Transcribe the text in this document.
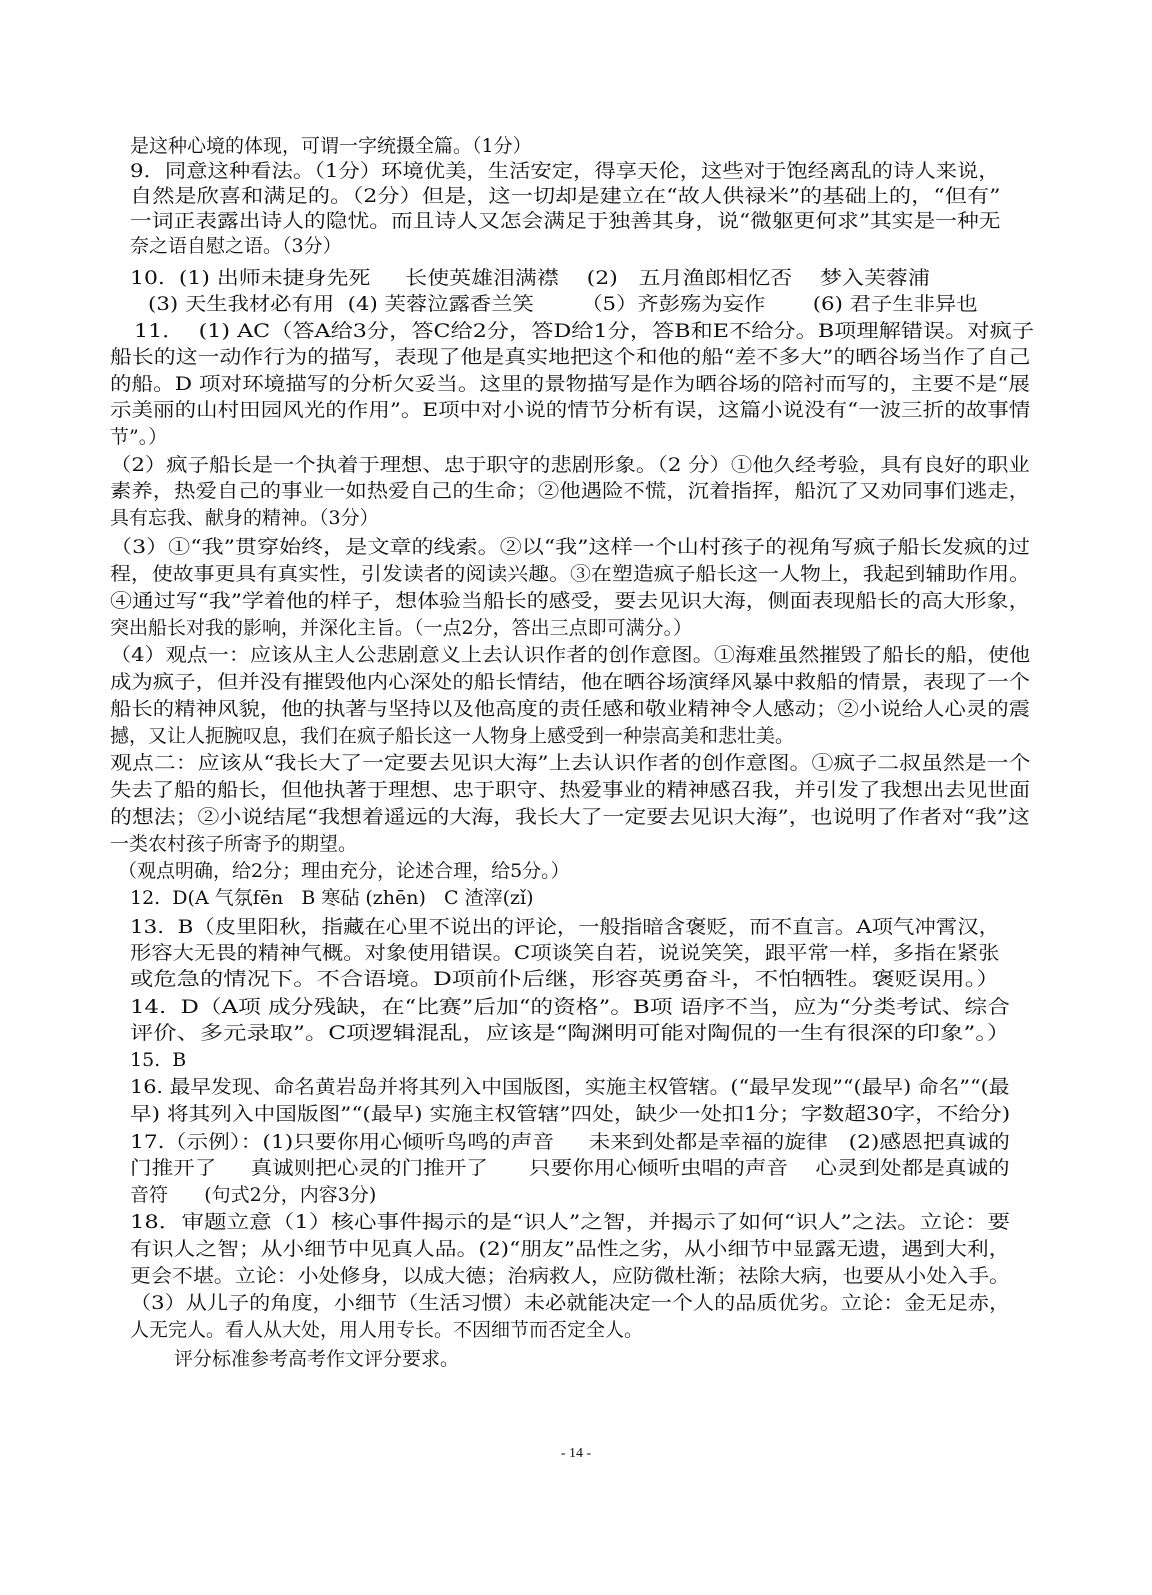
是这种心境的体现，可谓一字统摄全篇。（1分）
9．同意这种看法。（1分）环境优美，生活安定，得享天伦，这些对于饱经离乱的诗人来说，
自然是欣喜和满足的。（2分）但是，这一切却是建立在“故人供禄米”的基础上的，“但有”
一词正表露出诗人的隐忧。而且诗人又怎会满足于独善其身，说“微躯更何求”其实是一种无
奈之语自慰之语。（3分）
10.  (1) 出师未捷身先死     长使英雄泪满襟    (2)   五月渔郎相忆否    梦入芙蓉浦
(3) 天生我材必有用  (4) 芙蓉泣露香兰笑       （5）齐彭殇为妄作       (6) 君子生非异也
11．  (1) AC（答A给3分，答C给2分，答D给1分，答B和E不给分。B项理解错误。对疯子
船长的这一动作行为的描写，表现了他是真实地把这个和他的船“差不多大”的晒谷场当作了自己
的船。D 项对环境描写的分析欠妥当。这里的景物描写是作为晒谷场的陪衬而写的，主要不是“展
示美丽的山村田园风光的作用”。E项中对小说的情节分析有误，这篇小说没有“一波三折的故事情
节”。）
（2）疯子船长是一个执着于理想、忠于职守的悲剧形象。（2 分）①他久经考验，具有良好的职业
素养，热爱自己的事业一如热爱自己的生命；②他遇险不慌，沉着指挥，船沉了又劝同事们逃走，
具有忘我、献身的精神。（3分）
（3）①“我”贯穿始终，是文章的线索。②以“我”这样一个山村孩子的视角写疯子船长发疯的过
程，使故事更具有真实性，引发读者的阅读兴趣。③在塑造疯子船长这一人物上，我起到辅助作用。
④通过写“我”学着他的样子，想体验当船长的感受，要去见识大海，侧面表现船长的高大形象，
突出船长对我的影响，并深化主旨。（一点2分，答出三点即可满分。）
（4）观点一：应该从主人公悲剧意义上去认识作者的创作意图。①海难虽然摧毁了船长的船，使他
成为疯子，但并没有摧毁他内心深处的船长情结，他在晒谷场演绎风暴中救船的情景，表现了一个
船长的精神风貌，他的执著与坚持以及他高度的责任感和敬业精神令人感动；②小说给人心灵的震
撼，又让人扼腕叹息，我们在疯子船长这一人物身上感受到一种崇高美和悲壮美。
观点二：应该从“我长大了一定要去见识大海”上去认识作者的创作意图。①疯子二叔虽然是一个
失去了船的船长，但他执著于理想、忠于职守、热爱事业的精神感召我，并引发了我想出去见世面
的想法；②小说结尾“我想着遥远的大海，我长大了一定要去见识大海”，也说明了作者对“我”这
一类农村孩子所寄予的期望。
（观点明确，给2分；理由充分，论述合理，给5分。）
12.  D(A 气氛fēn   B 寒砧 (zhēn)   C 渣滓(zǐ)
13.  B（皮里阳秋，指藏在心里不说出的评论，一般指暗含褒贬，而不直言。A项气冲霄汉，
形容大无畏的精神气概。对象使用错误。C项谈笑自若，说说笑笑，跟平常一样，多指在紧张
或危急的情况下。不合语境。D项前仆后继，形容英勇奋斗，不怕牺牲。褒贬误用。）
14.  D（A项 成分残缺，在“比赛”后加“的资格”。B项 语序不当，应为“分类考试、综合
评价、多元录取”。C项逻辑混乱，应该是“陶渊明可能对陶侃的一生有很深的印象”。）
15.  B
16. 最早发现、命名黄岩岛并将其列入中国版图，实施主权管辖。(“最早发现”“(最早) 命名”“(最
早) 将其列入中国版图”“(最早) 实施主权管辖”四处，缺少一处扣1分；字数超30字，不给分)
17.（示例）：(1)只要你用心倾听鸟鸣的声音     未来到处都是幸福的旋律   (2)感恩把真诚的
门推开了     真诚则把心灵的门推开了      只要你用心倾听虫唱的声音    心灵到处都是真诚的
音符      (句式2分，内容3分)
18．审题立意（1）核心事件揭示的是“识人”之智，并揭示了如何“识人”之法。立论：要
有识人之智；从小细节中见真人品。(2)“朋友”品性之劣，从小细节中显露无遗，遇到大利，
更会不堪。立论：小处修身，以成大德；治病救人，应防微杜渐；祛除大病，也要从小处入手。
（3）从儿子的角度，小细节（生活习惯）未必就能决定一个人的品质优劣。立论：金无足赤，
人无完人。看人从大处，用人用专长。不因细节而否定全人。
评分标准参考高考作文评分要求。
- 14 -
